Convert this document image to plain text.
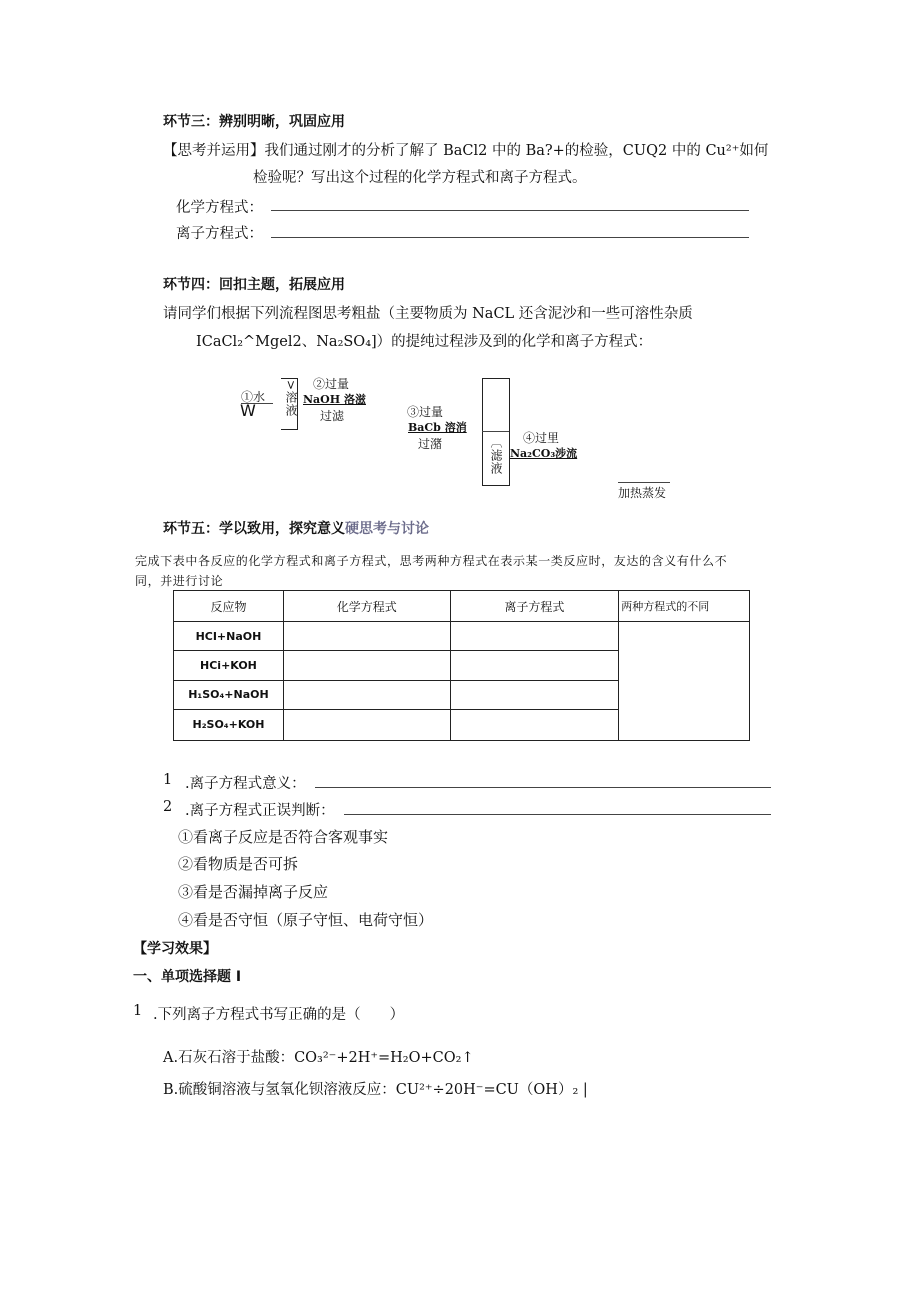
环节三：辨别明晰，巩固应用
【思考并运用】我们通过刚才的分析了解了 BaCl2 中的 Ba?+的检验，CUQ2 中的 Cu²⁺如何
检验呢？写出这个过程的化学方程式和离子方程式。
化学方程式：
离子方程式：
环节四：回扣主题，拓展应用
请同学们根据下列流程图思考粗盐（主要物质为 NaCL 还含泥沙和一些可溶性杂质
ICaCl₂^Mgel2、Na₂SO₄]）的提纯过程涉及到的化学和离子方程式：
①水
W >溶液 ②过量
NaOH 洛滋
过滤	③过量
BaCb 溶消
过潴	〔滤液 ④过里
Na₂CO₃涉流
加热蒸发
环节五：学以致用，探究意义硬思考与讨论
完成下表中各反应的化学方程式和离子方程式，思考两种方程式在表示某一类反应时，友达的含义有什么不
同，并进行讨论
反应物	化学方程式	离子方程式	两种方程式的不同
HCI+NaOH			
HCi+KOH			
H₁SO₄+NaOH			
H₂SO₄+KOH			
1 .离子方程式意义：
2 .离子方程式正误判断：
①看离子反应是否符合客观事实
②看物质是否可拆
③看是否漏掉离子反应
④看是否守恒（原子守恒、电荷守恒）
【学习效果】
一、单项选择题 I
1 .下列离子方程式书写正确的是（　　）
A.石灰石溶于盐酸：CO₃²⁻+2H⁺=H₂O+CO₂↑
B.硫酸铜溶液与氢氧化钡溶液反应：CU²⁺÷20H⁻=CU（OH）₂ |
